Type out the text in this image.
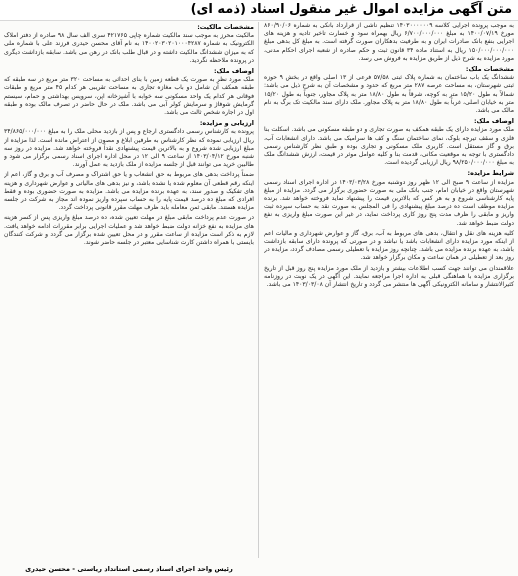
متن آگهی مزایده اموال غیر منقول اسناد (ذمه ای)

به موجب پرونده اجرایی کلاسه ۱۴۰۳۰۰۰۰۰۰۹ تنظیم ناشی از قرارداد بانکی به شماره ۸۶۰/۹۰/۰۶ مورخ ۱۴۰۰/۰۷/۱۹ به مبلغ ۶/۷۰۰/۰۰۰/۰۰۰ ریال بهمراه سود و خسارت تاخیر تادیه و هزینه های اجرایی بنفع بانک صادرات ایران و به طرفیت بدهکاران صورت گرفته است. به مبلغ کل بدهی مبلغ ۱۵۰/۰۰۰/۰۰۰/۰۰۰ ریال به استناد ماده ۳۴ قانون ثبت و حکم صادره از شعبه اجرای احکام مدنی، مورد مزایده به شرح ذیل از طریق مزایده به فروش می رسد.

مشخصات ملک:

ششدانگ یک باب ساختمان به شماره پلاک ثبتی ۵۷/۵۸ فرعی از ۱۳ اصلی واقع در بخش ۹ حوزه ثبتی شهرستان، به مساحت عرصه ۲۸۷ متر مربع که حدود و مشخصات آن به شرح ذیل می باشد: شمالاً به طول ۱۵/۲۰ متر به کوچه، شرقاً به طول ۱۸/۸۰ متر به پلاک مجاور، جنوباً به طول ۱۵/۲۰ متر به خیابان اصلی، غرباً به طول ۱۸/۸۰ متر به پلاک مجاور. ملک دارای سند مالکیت تک برگ به نام مالک می باشد.

اوصاف ملک:

ملک مورد مزایده دارای یک طبقه همکف به صورت تجاری و دو طبقه مسکونی می باشد. اسکلت بنا فلزی و سقف تیرچه بلوک، نمای ساختمان سنگ و کف ها سرامیک می باشد. دارای انشعابات آب، برق و گاز مستقل است. کاربری ملک مسکونی و تجاری بوده و طبق نظر کارشناس رسمی دادگستری با توجه به موقعیت مکانی، قدمت بنا و کلیه عوامل موثر در قیمت، ارزش ششدانگ ملک به مبلغ ۹۸/۲۵۰/۰۰۰/۰۰۰ ریال ارزیابی گردیده است.

شرایط مزایده:

مزایده از ساعت ۹ صبح الی ۱۲ ظهر روز دوشنبه مورخ ۱۴۰۳/۰۳/۲۸ در اداره اجرای اسناد رسمی شهرستان واقع در خیابان امام، جنب بانک ملی به صورت حضوری برگزار می گردد. مزایده از مبلغ پایه کارشناسی شروع و به هر کس که بالاترین قیمت را پیشنهاد نماید فروخته خواهد شد. برنده مزایده موظف است ده درصد مبلغ پیشنهادی را فی المجلس به صورت نقد به حساب سپرده ثبت واریز و مابقی را ظرف مدت پنج روز کاری پرداخت نماید، در غیر این صورت مبلغ واریزی به نفع دولت ضبط خواهد شد.

کلیه هزینه های نقل و انتقال، بدهی های مربوط به آب، برق، گاز و عوارض شهرداری و مالیات اعم از اینکه مورد مزایده دارای انشعابات باشد یا نباشد و در صورتی که پرونده دارای سابقه بازداشت باشد، به عهده برنده مزایده می باشد. چنانچه روز مزایده با تعطیلی رسمی مصادف گردد، مزایده در روز بعد از تعطیلی در همان ساعت و مکان برگزار خواهد شد.

علاقمندان می توانند جهت کسب اطلاعات بیشتر و بازدید از ملک مورد مزایده پنج روز قبل از تاریخ برگزاری مزایده با هماهنگی قبلی به اداره اجرا مراجعه نمایند. این آگهی در یک نوبت در روزنامه کثیرالانتشار و سامانه الکترونیکی آگهی ها منتشر می گردد و تاریخ انتشار آن ۱۴۰۳/۰۳/۰۸ می باشد.

مشخصات مالکیت:

مالکیت محرز به موجب سند مالکیت شماره چاپی ۴۲۱۷۶۵ سری الف سال ۹۸ صادره از دفتر املاک الکترونیک به شماره ۱۴۰۰۲۰۳۰۲۰۱۰۰۰۴۲۸۷ به نام آقای محسن حیدری فرزند علی با شماره ملی که به میزان ششدانگ مالکیت داشته و در قبال طلب بانک در رهن می باشد. سابقه بازداشت دیگری در پرونده ملاحظه نگردید.

اوصاف ملک:

ملک مورد نظر به صورت یک قطعه زمین با بنای احداثی به مساحت ۳۲۰ متر مربع در سه طبقه که طبقه همکف آن شامل دو باب مغازه تجاری به مساحت تقریبی هر کدام ۴۵ متر مربع و طبقات فوقانی هر کدام یک واحد مسکونی سه خوابه با آشپزخانه اپن، سرویس بهداشتی و حمام، سیستم گرمایش شوفاژ و سرمایش کولر آبی می باشد. ملک در حال حاضر در تصرف مالک بوده و طبقه اول در اجاره شخص ثالث می باشد.

ارزیابی و مزایده:

پرونده به کارشناس رسمی دادگستری ارجاع و پس از بازدید محلی ملک را به مبلغ ۳۴/۸۶۵/۰۰۰/۰۰۰ ریال ارزیابی نموده که نظر کارشناس به طرفین ابلاغ و مصون از اعتراض مانده است. لذا مزایده از مبلغ ارزیابی شده شروع و به بالاترین قیمت پیشنهادی نقداً فروخته خواهد شد. مزایده در روز سه شنبه مورخ ۱۴۰۳/۰۴/۱۲ از ساعت ۹ الی ۱۲ در محل اداره اجرای اسناد رسمی برگزار می شود و طالبین خرید می توانند قبل از جلسه مزایده از ملک بازدید به عمل آورند.

ضمناً پرداخت بدهی های مربوط به حق انشعاب و یا حق اشتراک و مصرف آب و برق و گاز، اعم از اینکه رقم قطعی آن معلوم شده یا نشده باشد، و نیز بدهی های مالیاتی و عوارض شهرداری و هزینه های تفکیک و صدور سند، به عهده برنده مزایده می باشد. مزایده به صورت حضوری بوده و فقط افرادی که مبلغ ده درصد قیمت پایه را به حساب سپرده واریز نموده اند مجاز به شرکت در جلسه مزایده هستند. مابقی ثمن معامله باید ظرف مهلت مقرر قانونی پرداخت گردد.

در صورت عدم پرداخت مابقی مبلغ در مهلت تعیین شده، ده درصد مبلغ واریزی پس از کسر هزینه های مزایده به نفع خزانه دولت ضبط خواهد شد و عملیات اجرایی برابر مقررات ادامه خواهد یافت. لازم به ذکر است مزایده از ساعت مقرر و در محل تعیین شده برگزار می گردد و شرکت کنندگان بایستی با همراه داشتن کارت شناسایی معتبر در جلسه حاضر شوند.

رئیس واحد اجرای اسناد رسمی استانداد ریاستی - محسن حیدری
